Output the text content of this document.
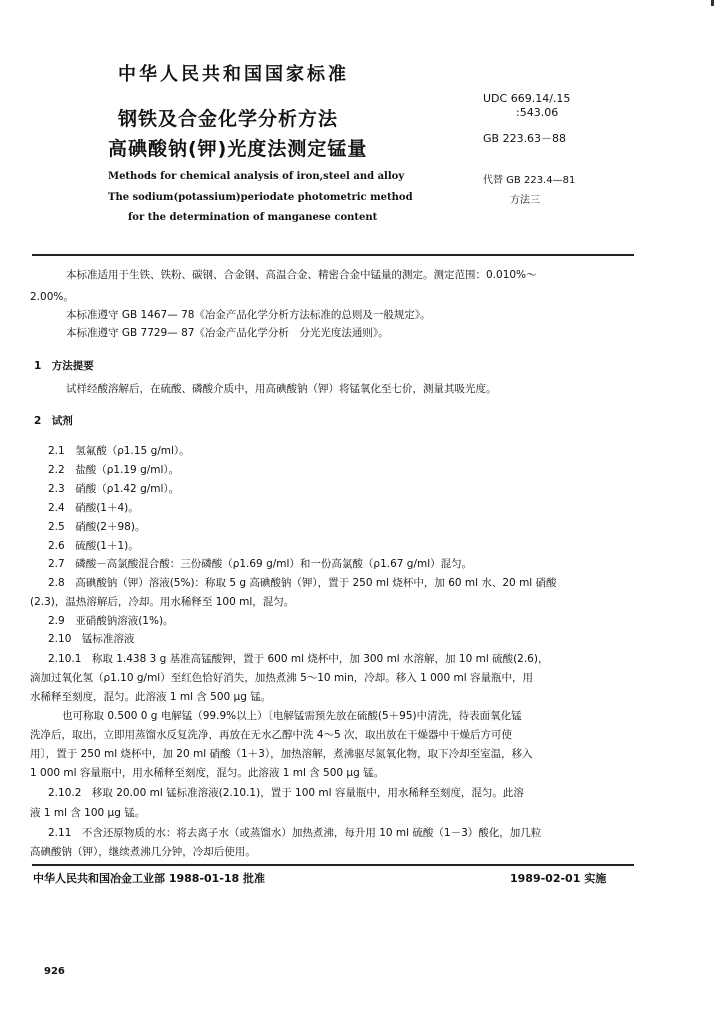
中华人民共和国国家标准
钢铁及合金化学分析方法
高碘酸钠(钾)光度法测定锰量
UDC 669.14/.15
:543.06
GB 223.63－88
Methods for chemical analysis of iron,steel and alloy
The sodium(potassium)periodate photometric method
for the determination of manganese content
代替 GB 223.4—81
方法三
本标准适用于生铁、铁粉、碳钢、合金钢、高温合金、精密合金中锰量的测定。测定范围：0.010%～
2.00%。
本标准遵守 GB 1467— 78《冶金产品化学分析方法标准的总则及一般规定》。
本标准遵守 GB 7729— 87《冶金产品化学分析　分光光度法通则》。
1　方法提要
试样经酸溶解后，在硫酸、磷酸介质中，用高碘酸钠（钾）将锰氧化至七价，测量其吸光度。
2　试剂
2.1　氢氟酸（ρ1.15 g/ml）。
2.2　盐酸（ρ1.19 g/ml）。
2.3　硝酸（ρ1.42 g/ml）。
2.4　硝酸(1＋4)。
2.5　硝酸(2＋98)。
2.6　硫酸(1＋1)。
2.7　磷酸－高氯酸混合酸：三份磷酸（ρ1.69 g/ml）和一份高氯酸（ρ1.67 g/ml）混匀。
2.8　高碘酸钠（钾）溶液(5%)：称取 5 g 高碘酸钠（钾），置于 250 ml 烧杯中，加 60 ml 水、20 ml 硝酸
(2.3)，温热溶解后，冷却。用水稀释至 100 ml，混匀。
2.9　亚硝酸钠溶液(1%)。
2.10　锰标准溶液
2.10.1　称取 1.438 3 g 基准高锰酸钾，置于 600 ml 烧杯中，加 300 ml 水溶解，加 10 ml 硫酸(2.6)，
滴加过氧化氢（ρ1.10 g/ml）至红色恰好消失，加热煮沸 5～10 min，冷却。移入 1 000 ml 容量瓶中，用
水稀释至刻度，混匀。此溶液 1 ml 含 500 μg 锰。
也可称取 0.500 0 g 电解锰（99.9%以上）〔电解锰需预先放在硫酸(5＋95)中清洗，待表面氧化锰
洗净后，取出，立即用蒸馏水反复洗净，再放在无水乙醇中洗 4～5 次，取出放在干燥器中干燥后方可使
用〕，置于 250 ml 烧杯中，加 20 ml 硝酸（1＋3），加热溶解，煮沸驱尽氮氧化物，取下冷却至室温，移入
1 000 ml 容量瓶中，用水稀释至刻度，混匀。此溶液 1 ml 含 500 μg 锰。
2.10.2　移取 20.00 ml 锰标准溶液(2.10.1)，置于 100 ml 容量瓶中，用水稀释至刻度，混匀。此溶
液 1 ml 含 100 μg 锰。
2.11　不含还原物质的水：将去离子水（或蒸馏水）加热煮沸，每升用 10 ml 硫酸（1－3）酸化，加几粒
高碘酸钠（钾），继续煮沸几分钟，冷却后使用。
中华人民共和国冶金工业部 1988-01-18 批准	1989-02-01 实施
926
